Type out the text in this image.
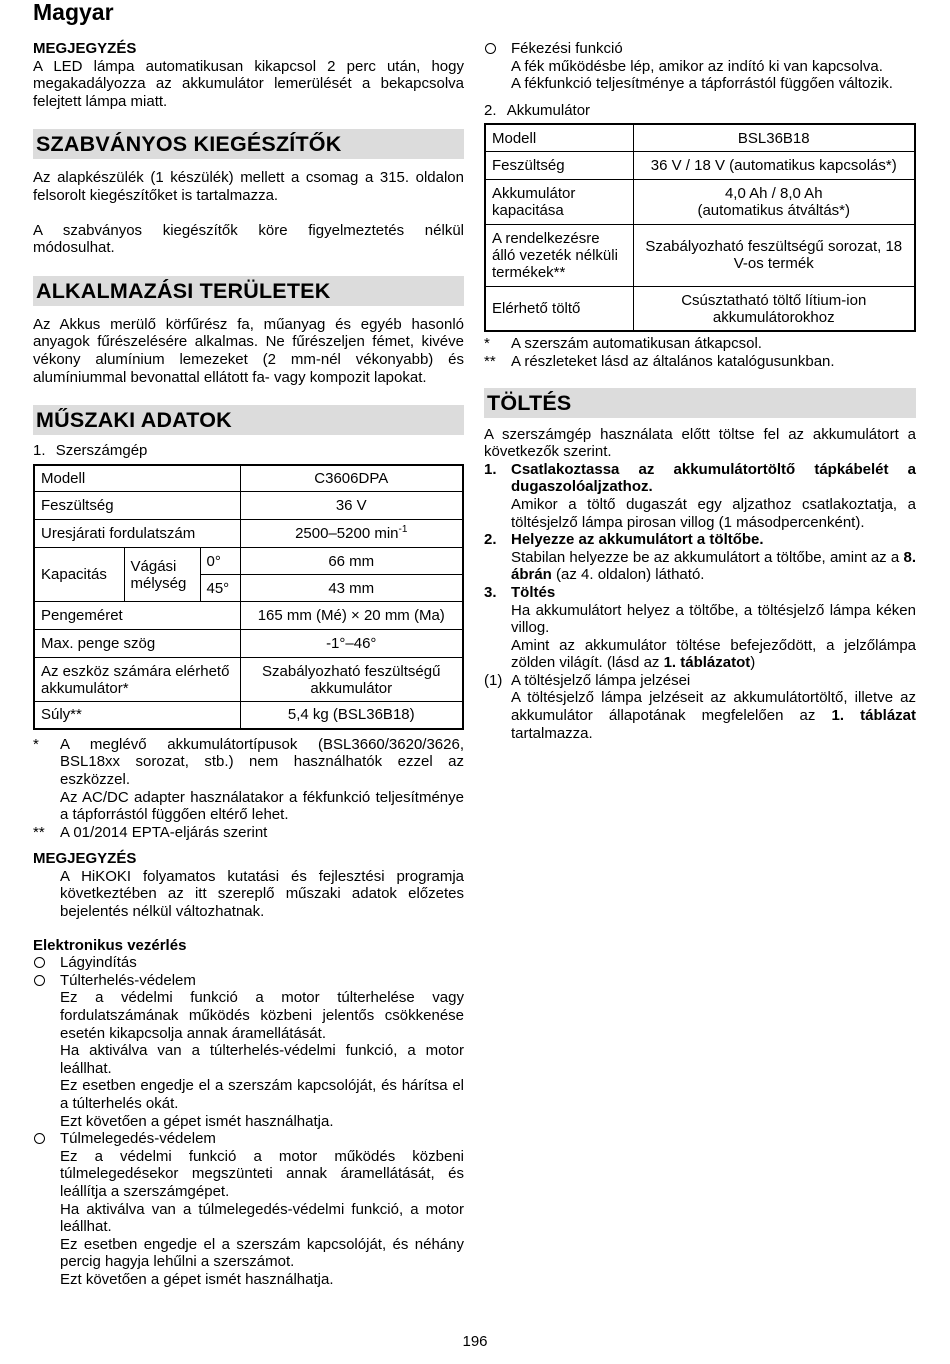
Magyar

MEGJEGYZÉS

A LED lámpa automatikusan kikapcsol 2 perc után, hogy megakadályozza az akkumulátor lemerülését a bekapcsolva felejtett lámpa miatt.

SZABVÁNYOS KIEGÉSZÍTŐK

Az alapkészülék (1 készülék) mellett a csomag a 315. oldalon felsorolt kiegészítőket is tartalmazza.

A szabványos kiegészítők köre figyelmeztetés nélkül módosulhat.

ALKALMAZÁSI TERÜLETEK

Az Akkus merülő körfűrész fa, műanyag és egyéb hasonló anyagok fűrészelésére alkalmas. Ne fűrészeljen fémet, kivéve vékony alumínium lemezeket (2 mm-nél vékonyabb) és alumíniummal bevonattal ellátott fa- vagy kompozit lapokat.

MŰSZAKI ADATOK

1. Szerszámgép

Modell			C3606DPA
Feszültség			36 V
Uresjárati fordulatszám			2500–5200 $\min^{-1}$
Kapacitás	Vágási mélység	0°	66 mm
		45°	43 mm
Pengeméret			165 mm (Mé) × 20 mm (Ma)
Max. penge szög			-1°–46°
Az eszköz számára elérhető akkumulátor*			Szabályozható feszültségű akkumulátor
Súly**			5,4 kg (BSL36B18)
* A meglévő akkumulátortípusok (BSL3660/3620/3626, BSL18xx sorozat, stb.) nem használhatók ezzel az eszközzel.

Az AC/DC adapter használatakor a fékfunkció teljesítménye a tápforrástól függően eltérő lehet.

** A 01/2014 EPTA-eljárás szerint

MEGJEGYZÉS

A HiKOKI folyamatos kutatási és fejlesztési programja következtében az itt szereplő műszaki adatok előzetes bejelentés nélkül változhatnak.

Elektronikus vezérlés

Lágyindítás

Túlterhelés-védelem

Ez a védelmi funkció a motor túlterhelése vagy fordulatszámának működés közbeni jelentős csökkenése esetén kikapcsolja annak áramellátását.

Ha aktiválva van a túlterhelés-védelmi funkció, a motor leállhat.

Ez esetben engedje el a szerszám kapcsolóját, és hárítsa el a túlterhelés okát.

Ezt követően a gépet ismét használhatja.

Túlmelegedés-védelem

Ez a védelmi funkció a motor működés közbeni túlmelegedésekor megszünteti annak áramellátását, és leállítja a szerszámgépet.

Ha aktiválva van a túlmelegedés-védelmi funkció, a motor leállhat.

Ez esetben engedje el a szerszám kapcsolóját, és néhány percig hagyja lehűlni a szerszámot.

Ezt követően a gépet ismét használhatja.

Fékezési funkció

A fék működésbe lép, amikor az indító ki van kapcsolva.

A fékfunkció teljesítménye a tápforrástól függően változik.

2. Akkumulátor

Modell	BSL36B18
Feszültség	36 V / 18 V (automatikus kapcsolás*)
Akkumulátor kapacitása	4,0 Ah / 8,0 Ah
(automatikus átváltás*)

A rendelkezésre álló vezeték nélküli termékek**	Szabályozható feszültségű sorozat, 18 V-os termék
Elérhető töltő	Csúsztatható töltő lítium-ion akkumulátorokhoz
* A szerszám automatikusan átkapcsol.

** A részleteket lásd az általános katalógusunkban.

TÖLTÉS

A szerszámgép használata előtt töltse fel az akkumulátort a következők szerint.

1. Csatlakoztassa az akkumulátortöltő tápkábelét a dugaszolóaljzathoz.

Amikor a töltő dugaszát egy aljzathoz csatlakoztatja, a töltésjelző lámpa pirosan villog (1 másodpercenként).

2. Helyezze az akkumulátort a töltőbe.

Stabilan helyezze be az akkumulátort a töltőbe, amint az a 8. ábrán (az 4. oldalon) látható.

3. Töltés

Ha akkumulátort helyez a töltőbe, a töltésjelző lámpa kéken villog.

Amint az akkumulátor töltése befejeződött, a jelzőlámpa zölden világít. (lásd az 1. táblázatot)

(1) A töltésjelző lámpa jelzései

A töltésjelző lámpa jelzéseit az akkumulátortöltő, illetve az akkumulátor állapotának megfelelően az 1. táblázat tartalmazza.

196
